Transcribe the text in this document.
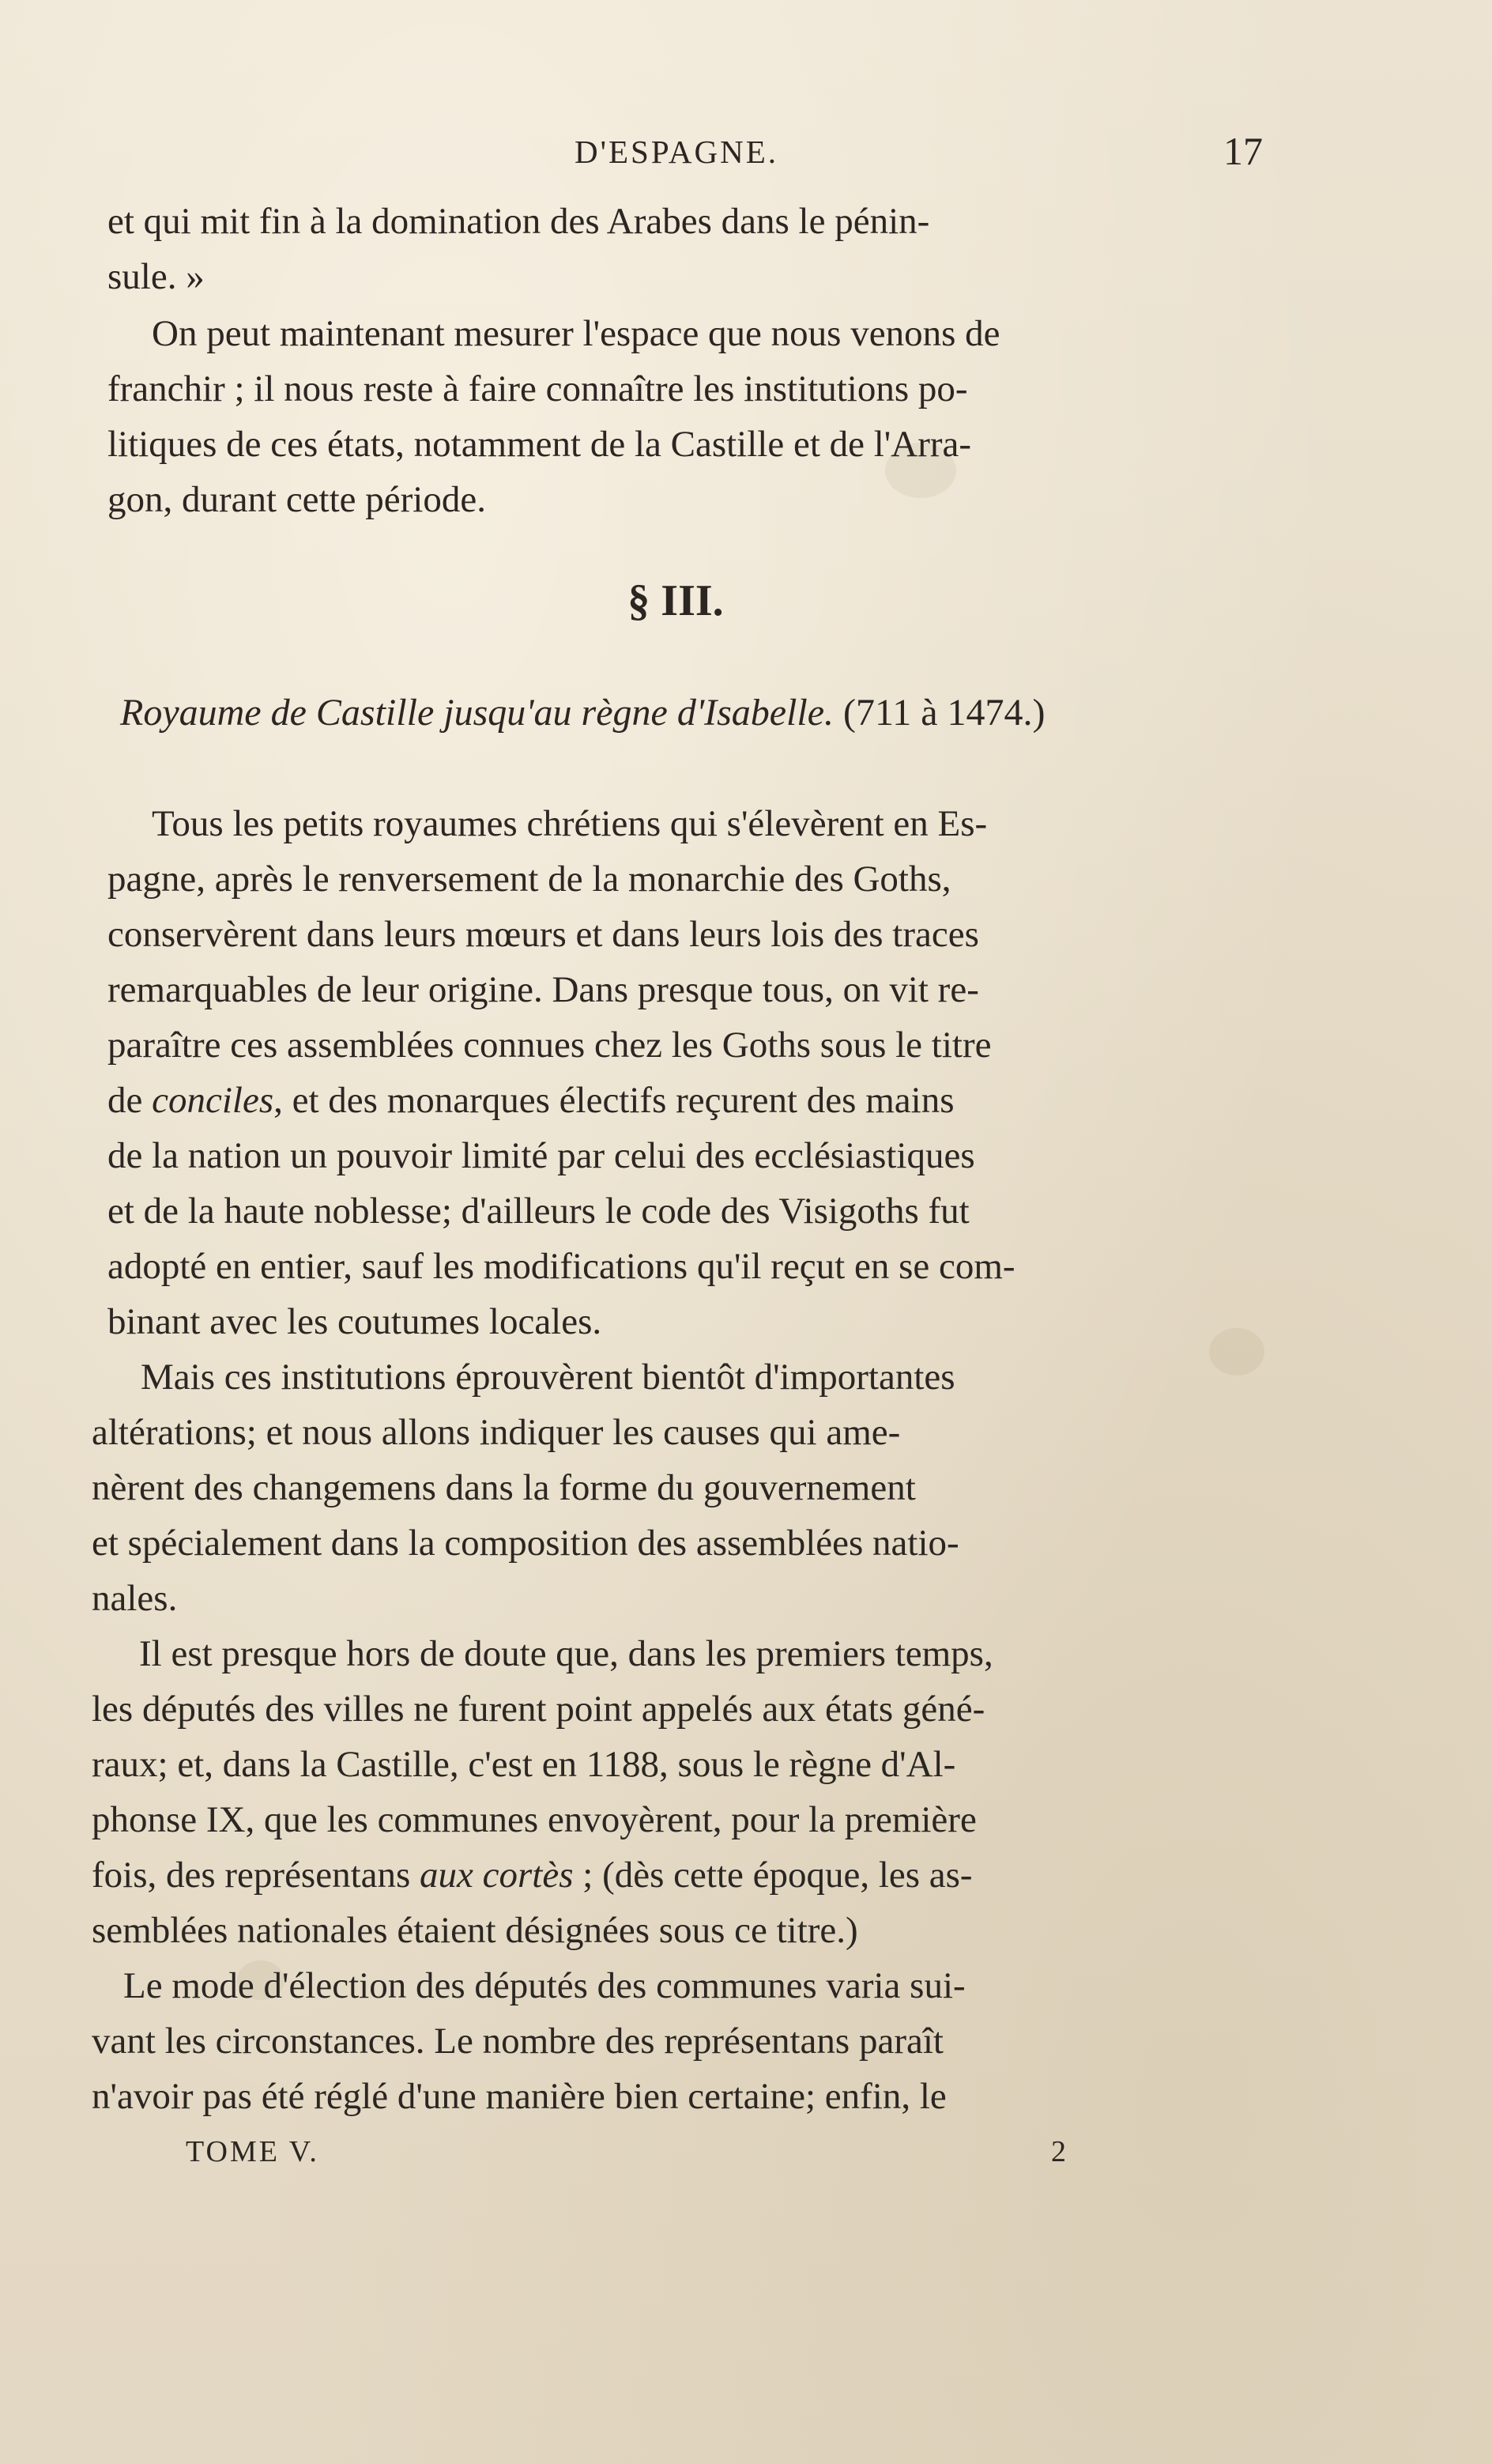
D'ESPAGNE.	17
et qui mit fin à la domination des Arabes dans le pénin-
sule. »
On peut maintenant mesurer l'espace que nous venons de
franchir ; il nous reste à faire connaître les institutions po-
litiques de ces états, notamment de la Castille et de l'Arra-
gon, durant cette période.
§ III.
Royaume de Castille jusqu'au règne d'Isabelle. (711 à 1474.)
Tous les petits royaumes chrétiens qui s'élevèrent en Es-
pagne, après le renversement de la monarchie des Goths,
conservèrent dans leurs mœurs et dans leurs lois des traces
remarquables de leur origine. Dans presque tous, on vit re-
paraître ces assemblées connues chez les Goths sous le titre
de conciles, et des monarques électifs reçurent des mains
de la nation un pouvoir limité par celui des ecclésiastiques
et de la haute noblesse; d'ailleurs le code des Visigoths fut
adopté en entier, sauf les modifications qu'il reçut en se com-
binant avec les coutumes locales.
Mais ces institutions éprouvèrent bientôt d'importantes
altérations; et nous allons indiquer les causes qui ame-
nèrent des changemens dans la forme du gouvernement
et spécialement dans la composition des assemblées natio-
nales.
Il est presque hors de doute que, dans les premiers temps,
les députés des villes ne furent point appelés aux états géné-
raux; et, dans la Castille, c'est en 1188, sous le règne d'Al-
phonse IX, que les communes envoyèrent, pour la première
fois, des représentans aux cortès ; (dès cette époque, les as-
semblées nationales étaient désignées sous ce titre.)
Le mode d'élection des députés des communes varia sui-
vant les circonstances. Le nombre des représentans paraît
n'avoir pas été réglé d'une manière bien certaine; enfin, le
TOME V.	2
